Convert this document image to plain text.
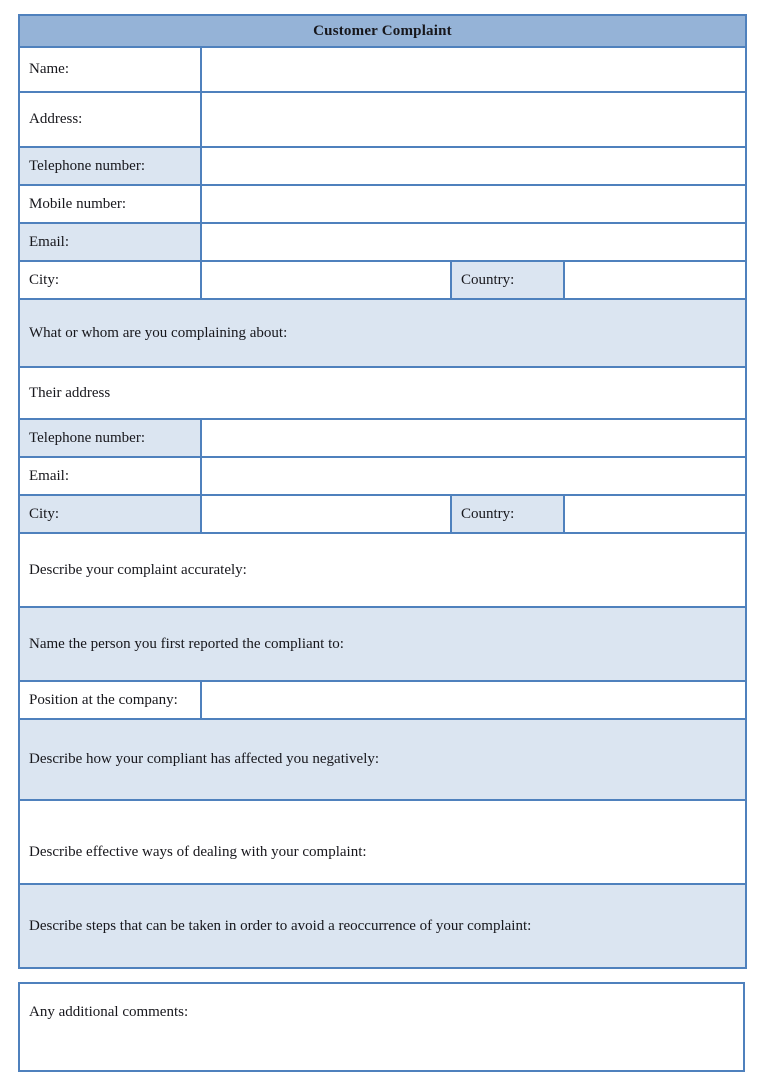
Customer Complaint			
Name:			
Address:			
Telephone number:			
Mobile number:			
Email:			
City:		Country:	
What or whom are you complaining about:			
Their address			
Telephone number:			
Email:			
City:		Country:	
Describe your complaint accurately:			
Name the person you first reported the compliant to:			
Position at the company:			
Describe how your compliant has affected you negatively:			
Describe effective ways of dealing with your complaint:			
Describe steps that can be taken in order to avoid a reoccurrence of your complaint:			
Any additional comments:
